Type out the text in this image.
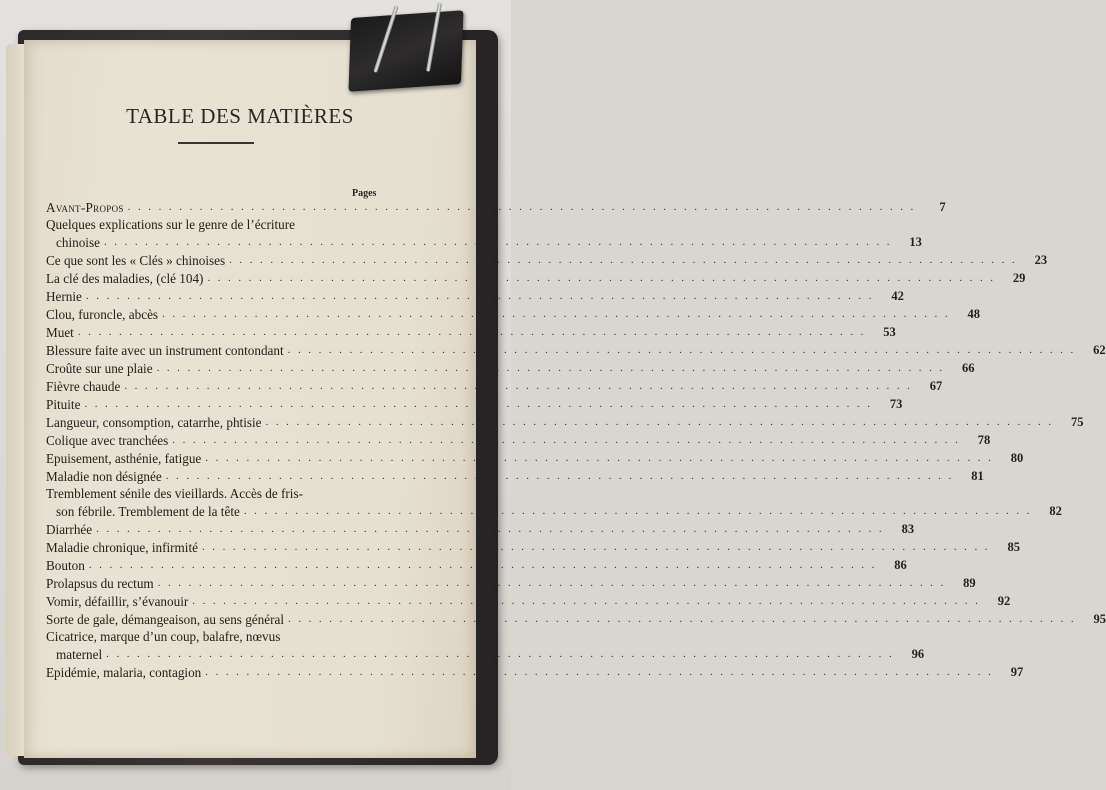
TABLE DES MATIÈRES
Pages
Avant-Propos . . . . . . . . . . . . . . . . . . . . . . . . . . . . . . . . . . . . . . . . . . . . . . . . . . . . . . . . . . . . . . . . . . . . . . . . . . . . .	7
Quelques explications sur le genre de l’écriture
chinoise . . . . . . . . . . . . . . . . . . . . . . . . . . . . . . . . . . . . . . . . . . . . . . . . . . . . . . . . . . . . . . . . . . . . . . . . . . . . .	13
Ce que sont les « Clés » chinoises . . . . . . . . . . . . . . . . . . . . . . . . . . . . . . . . . . . . . . . . . . . . . . . . . . . . . . . . . . . . . . . . . . . . . . . . . . . . .	23
La clé des maladies, (clé 104) . . . . . . . . . . . . . . . . . . . . . . . . . . . . . . . . . . . . . . . . . . . . . . . . . . . . . . . . . . . . . . . . . . . . . . . . . . . . .	29
Hernie . . . . . . . . . . . . . . . . . . . . . . . . . . . . . . . . . . . . . . . . . . . . . . . . . . . . . . . . . . . . . . . . . . . . . . . . . . . . .	42
Clou, furoncle, abcès . . . . . . . . . . . . . . . . . . . . . . . . . . . . . . . . . . . . . . . . . . . . . . . . . . . . . . . . . . . . . . . . . . . . . . . . . . . . .	48
Muet . . . . . . . . . . . . . . . . . . . . . . . . . . . . . . . . . . . . . . . . . . . . . . . . . . . . . . . . . . . . . . . . . . . . . . . . . . . . .	53
Blessure faite avec un instrument contondant . . . . . . . . . . . . . . . . . . . . . . . . . . . . . . . . . . . . . . . . . . . . . . . . . . . . . . . . . . . . . . . . . . . . . . . . . . . . .	62
Croûte sur une plaie . . . . . . . . . . . . . . . . . . . . . . . . . . . . . . . . . . . . . . . . . . . . . . . . . . . . . . . . . . . . . . . . . . . . . . . . . . . . .	66
Fièvre chaude . . . . . . . . . . . . . . . . . . . . . . . . . . . . . . . . . . . . . . . . . . . . . . . . . . . . . . . . . . . . . . . . . . . . . . . . . . . . .	67
Pituite . . . . . . . . . . . . . . . . . . . . . . . . . . . . . . . . . . . . . . . . . . . . . . . . . . . . . . . . . . . . . . . . . . . . . . . . . . . . .	73
Langueur, consomption, catarrhe, phtisie . . . . . . . . . . . . . . . . . . . . . . . . . . . . . . . . . . . . . . . . . . . . . . . . . . . . . . . . . . . . . . . . . . . . . . . . . . . . .	75
Colique avec tranchées . . . . . . . . . . . . . . . . . . . . . . . . . . . . . . . . . . . . . . . . . . . . . . . . . . . . . . . . . . . . . . . . . . . . . . . . . . . . .	78
Epuisement, asthénie, fatigue . . . . . . . . . . . . . . . . . . . . . . . . . . . . . . . . . . . . . . . . . . . . . . . . . . . . . . . . . . . . . . . . . . . . . . . . . . . . .	80
Maladie non désignée . . . . . . . . . . . . . . . . . . . . . . . . . . . . . . . . . . . . . . . . . . . . . . . . . . . . . . . . . . . . . . . . . . . . . . . . . . . . .	81
Tremblement sénile des vieillards. Accès de fris-
son fébrile. Tremblement de la tête . . . . . . . . . . . . . . . . . . . . . . . . . . . . . . . . . . . . . . . . . . . . . . . . . . . . . . . . . . . . . . . . . . . . . . . . . . . . .	82
Diarrhée . . . . . . . . . . . . . . . . . . . . . . . . . . . . . . . . . . . . . . . . . . . . . . . . . . . . . . . . . . . . . . . . . . . . . . . . . . . . .	83
Maladie chronique, infirmité . . . . . . . . . . . . . . . . . . . . . . . . . . . . . . . . . . . . . . . . . . . . . . . . . . . . . . . . . . . . . . . . . . . . . . . . . . . . .	85
Bouton . . . . . . . . . . . . . . . . . . . . . . . . . . . . . . . . . . . . . . . . . . . . . . . . . . . . . . . . . . . . . . . . . . . . . . . . . . . . .	86
Prolapsus du rectum . . . . . . . . . . . . . . . . . . . . . . . . . . . . . . . . . . . . . . . . . . . . . . . . . . . . . . . . . . . . . . . . . . . . . . . . . . . . .	89
Vomir, défaillir, s’évanouir . . . . . . . . . . . . . . . . . . . . . . . . . . . . . . . . . . . . . . . . . . . . . . . . . . . . . . . . . . . . . . . . . . . . . . . . . . . . .	92
Sorte de gale, démangeaison, au sens général . . . . . . . . . . . . . . . . . . . . . . . . . . . . . . . . . . . . . . . . . . . . . . . . . . . . . . . . . . . . . . . . . . . . . . . . . . . . .	95
Cicatrice, marque d’un coup, balafre, nœvus
maternel . . . . . . . . . . . . . . . . . . . . . . . . . . . . . . . . . . . . . . . . . . . . . . . . . . . . . . . . . . . . . . . . . . . . . . . . . . . . .	96
Epidémie, malaria, contagion . . . . . . . . . . . . . . . . . . . . . . . . . . . . . . . . . . . . . . . . . . . . . . . . . . . . . . . . . . . . . . . . . . . . . . . . . . . . .	97
